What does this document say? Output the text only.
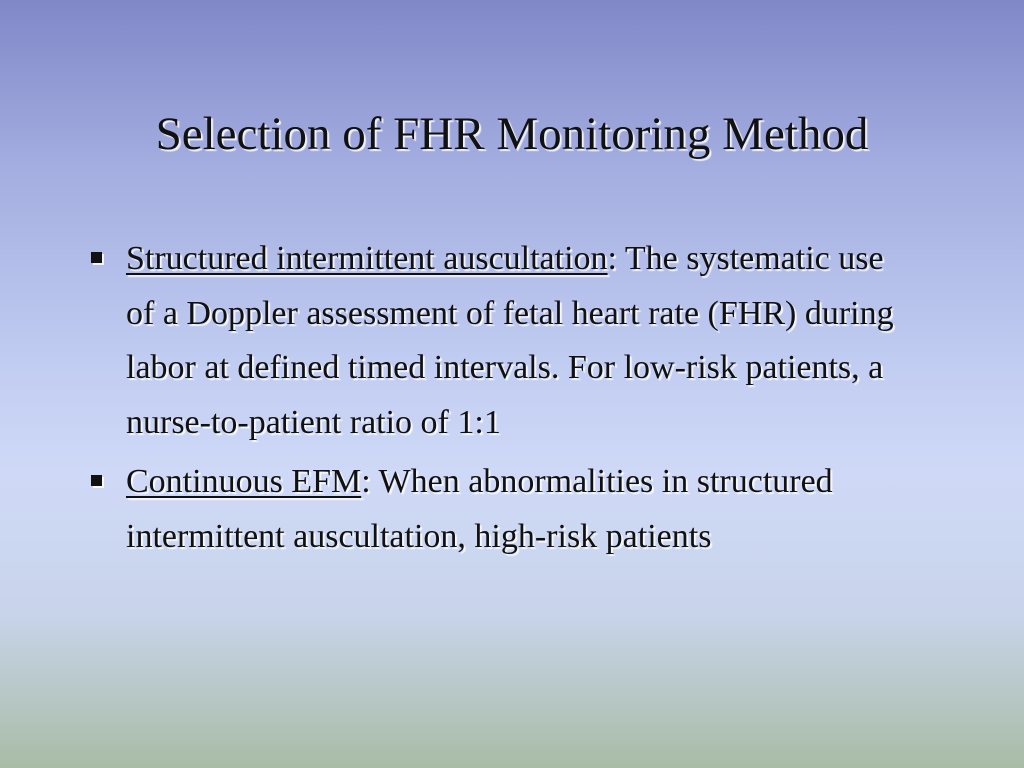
Selection of FHR Monitoring Method
Structured intermittent auscultation: The systematic use of a Doppler assessment of fetal heart rate (FHR) during labor at defined timed intervals. For low-risk patients, a nurse-to-patient ratio of 1:1
Continuous EFM: When abnormalities in structured intermittent auscultation, high-risk patients
